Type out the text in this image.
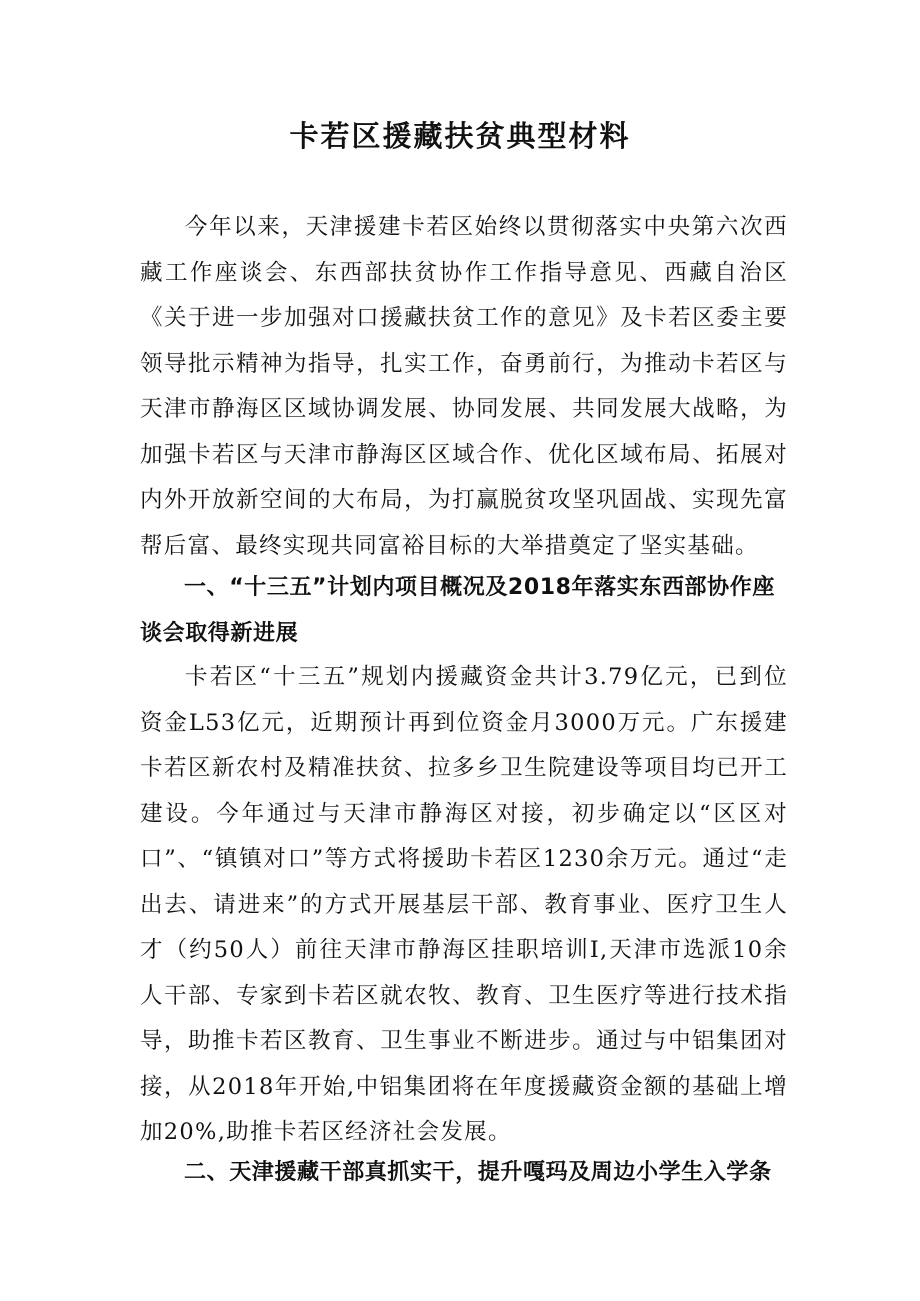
卡若区援藏扶贫典型材料

今年以来，天津援建卡若区始终以贯彻落实中央第六次西藏工作座谈会、东西部扶贫协作工作指导意见、西藏自治区《关于进一步加强对口援藏扶贫工作的意见》及卡若区委主要领导批示精神为指导，扎实工作，奋勇前行，为推动卡若区与天津市静海区区域协调发展、协同发展、共同发展大战略，为加强卡若区与天津市静海区区域合作、优化区域布局、拓展对内外开放新空间的大布局，为打赢脱贫攻坚巩固战、实现先富帮后富、最终实现共同富裕目标的大举措奠定了坚实基础。

一、“十三五”计划内项目概况及2018年落实东西部协作座谈会取得新进展

卡若区“十三五”规划内援藏资金共计3.79亿元，已到位资金L53亿元，近期预计再到位资金月3000万元。广东援建卡若区新农村及精准扶贫、拉多乡卫生院建设等项目均已开工建设。今年通过与天津市静海区对接，初步确定以“区区对口”、“镇镇对口”等方式将援助卡若区1230余万元。通过“走出去、请进来”的方式开展基层干部、教育事业、医疗卫生人才（约50人）前往天津市静海区挂职培训I,天津市选派10余人干部、专家到卡若区就农牧、教育、卫生医疗等进行技术指导，助推卡若区教育、卫生事业不断进步。通过与中铝集团对接，从2018年开始,中铝集团将在年度援藏资金额的基础上增加20%,助推卡若区经济社会发展。

二、天津援藏干部真抓实干，提升嘎玛及周边小学生入学条
